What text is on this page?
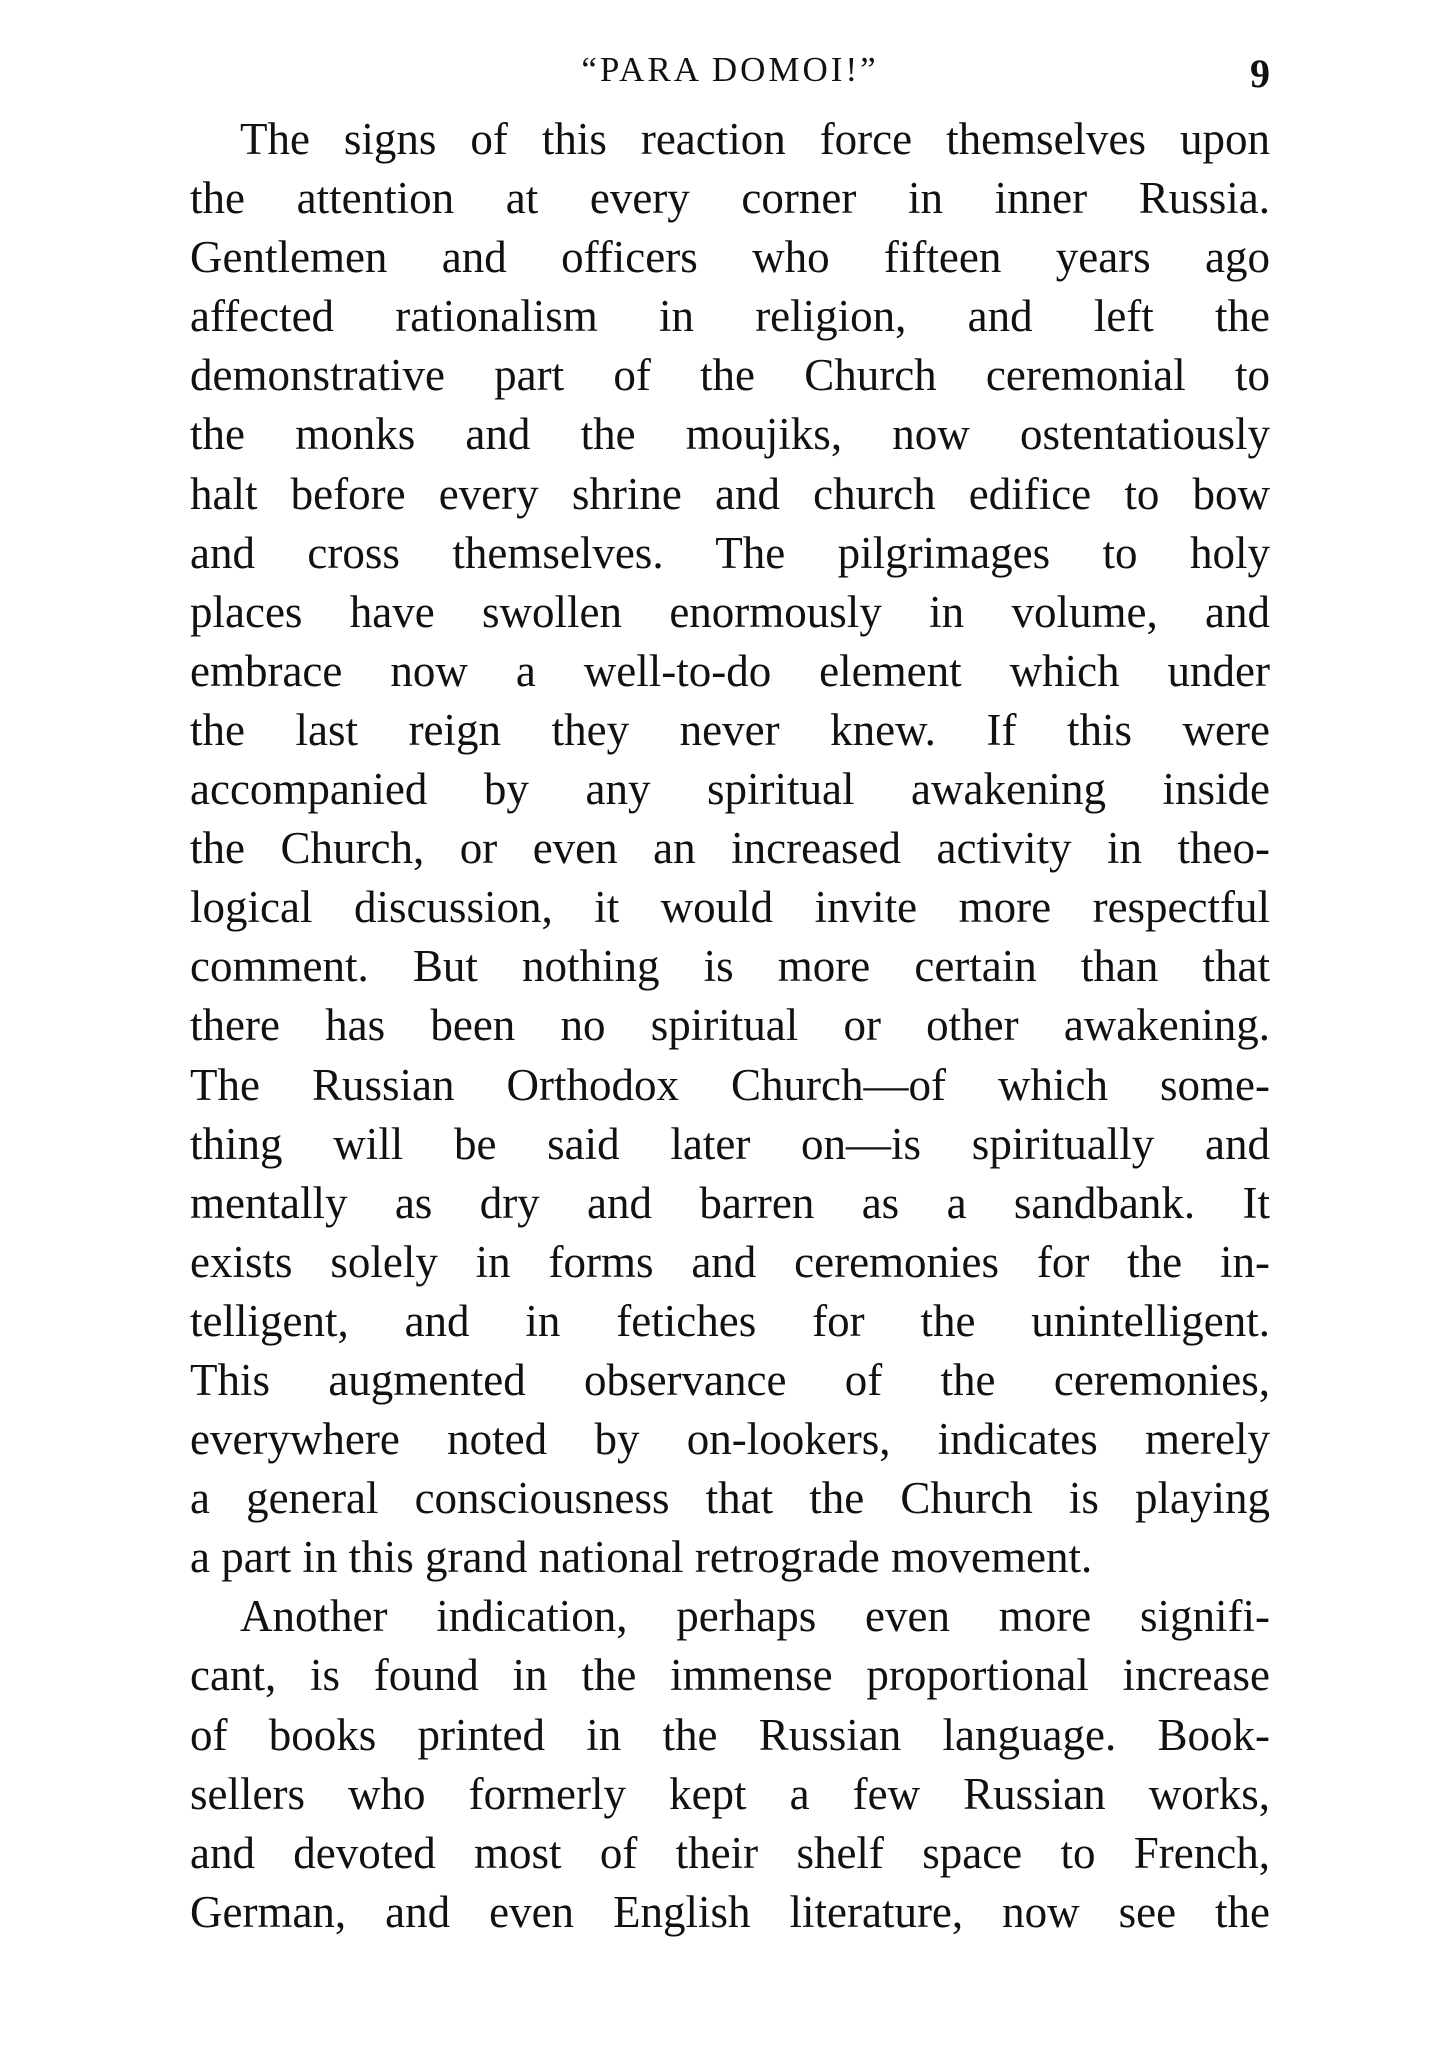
“PARA DOMOI!”	9
The signs of this reaction force themselves upon
the attention at every corner in inner Russia.
Gentlemen and officers who fifteen years ago
affected rationalism in religion, and left the
demonstrative part of the Church ceremonial to
the monks and the moujiks, now ostentatiously
halt before every shrine and church edifice to bow
and cross themselves. The pilgrimages to holy
places have swollen enormously in volume, and
embrace now a well-to-do element which under
the last reign they never knew. If this were
accompanied by any spiritual awakening inside
the Church, or even an increased activity in theo-
logical discussion, it would invite more respectful
comment. But nothing is more certain than that
there has been no spiritual or other awakening.
The Russian Orthodox Church—of which some-
thing will be said later on—is spiritually and
mentally as dry and barren as a sandbank. It
exists solely in forms and ceremonies for the in-
telligent, and in fetiches for the unintelligent.
This augmented observance of the ceremonies,
everywhere noted by on-lookers, indicates merely
a general consciousness that the Church is playing
a part in this grand national retrograde movement.
Another indication, perhaps even more signifi-
cant, is found in the immense proportional increase
of books printed in the Russian language. Book-
sellers who formerly kept a few Russian works,
and devoted most of their shelf space to French,
German, and even English literature, now see the
